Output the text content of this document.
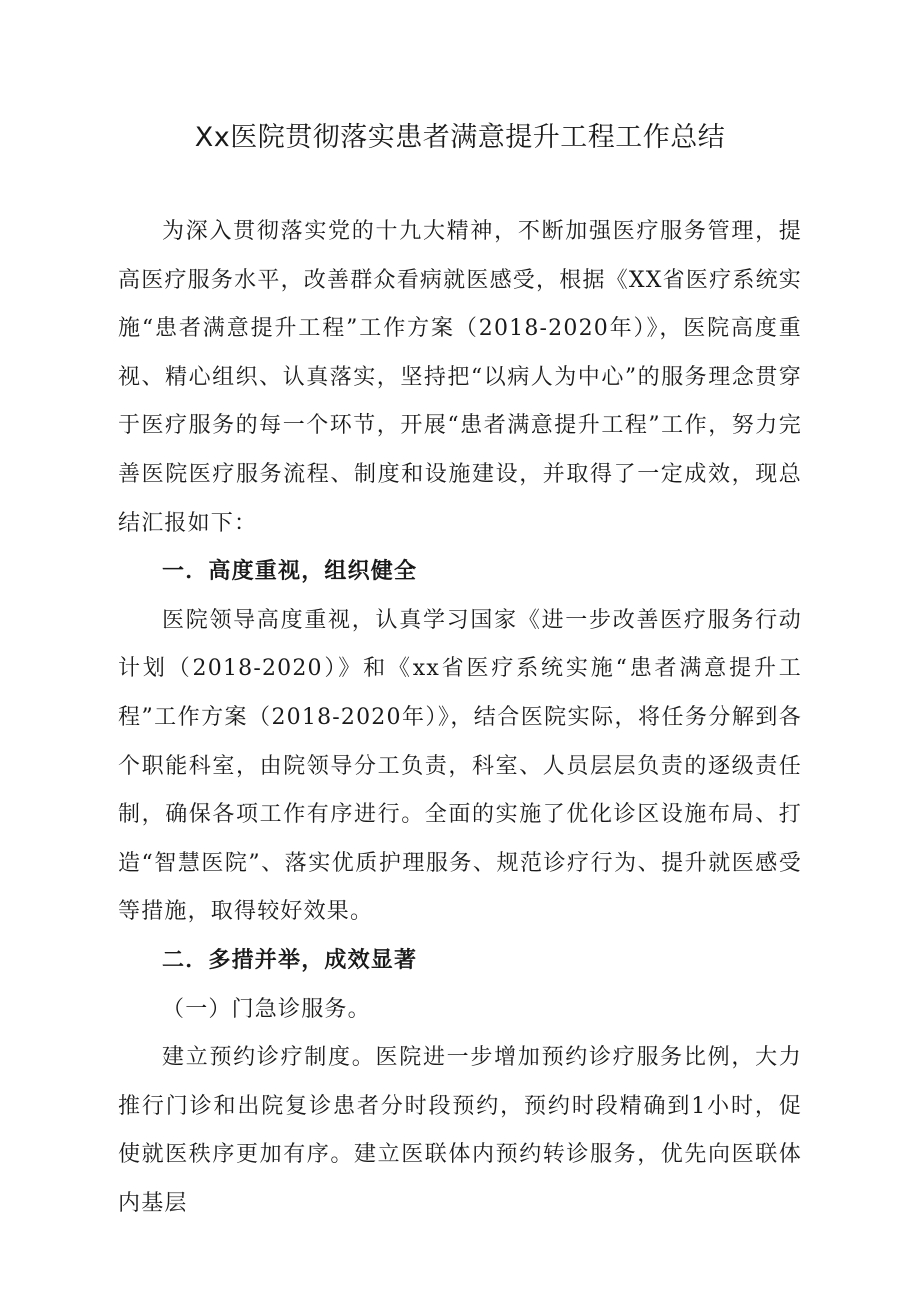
Xx医院贯彻落实患者满意提升工程工作总结

为深入贯彻落实党的十九大精神，不断加强医疗服务管理，提高医疗服务水平，改善群众看病就医感受，根据《XX省医疗系统实施“患者满意提升工程”工作方案（2018-2020年）》，医院高度重视、精心组织、认真落实，坚持把“以病人为中心”的服务理念贯穿于医疗服务的每一个环节，开展“患者满意提升工程”工作，努力完善医院医疗服务流程、制度和设施建设，并取得了一定成效，现总结汇报如下：

一．高度重视，组织健全

医院领导高度重视，认真学习国家《进一步改善医疗服务行动计划（2018-2020）》和《xx省医疗系统实施“患者满意提升工程”工作方案（2018-2020年）》，结合医院实际，将任务分解到各个职能科室，由院领导分工负责，科室、人员层层负责的逐级责任制，确保各项工作有序进行。全面的实施了优化诊区设施布局、打造“智慧医院”、落实优质护理服务、规范诊疗行为、提升就医感受等措施，取得较好效果。

二．多措并举，成效显著

（一）门急诊服务。

建立预约诊疗制度。医院进一步增加预约诊疗服务比例，大力推行门诊和出院复诊患者分时段预约，预约时段精确到1小时，促使就医秩序更加有序。建立医联体内预约转诊服务，优先向医联体内基层
